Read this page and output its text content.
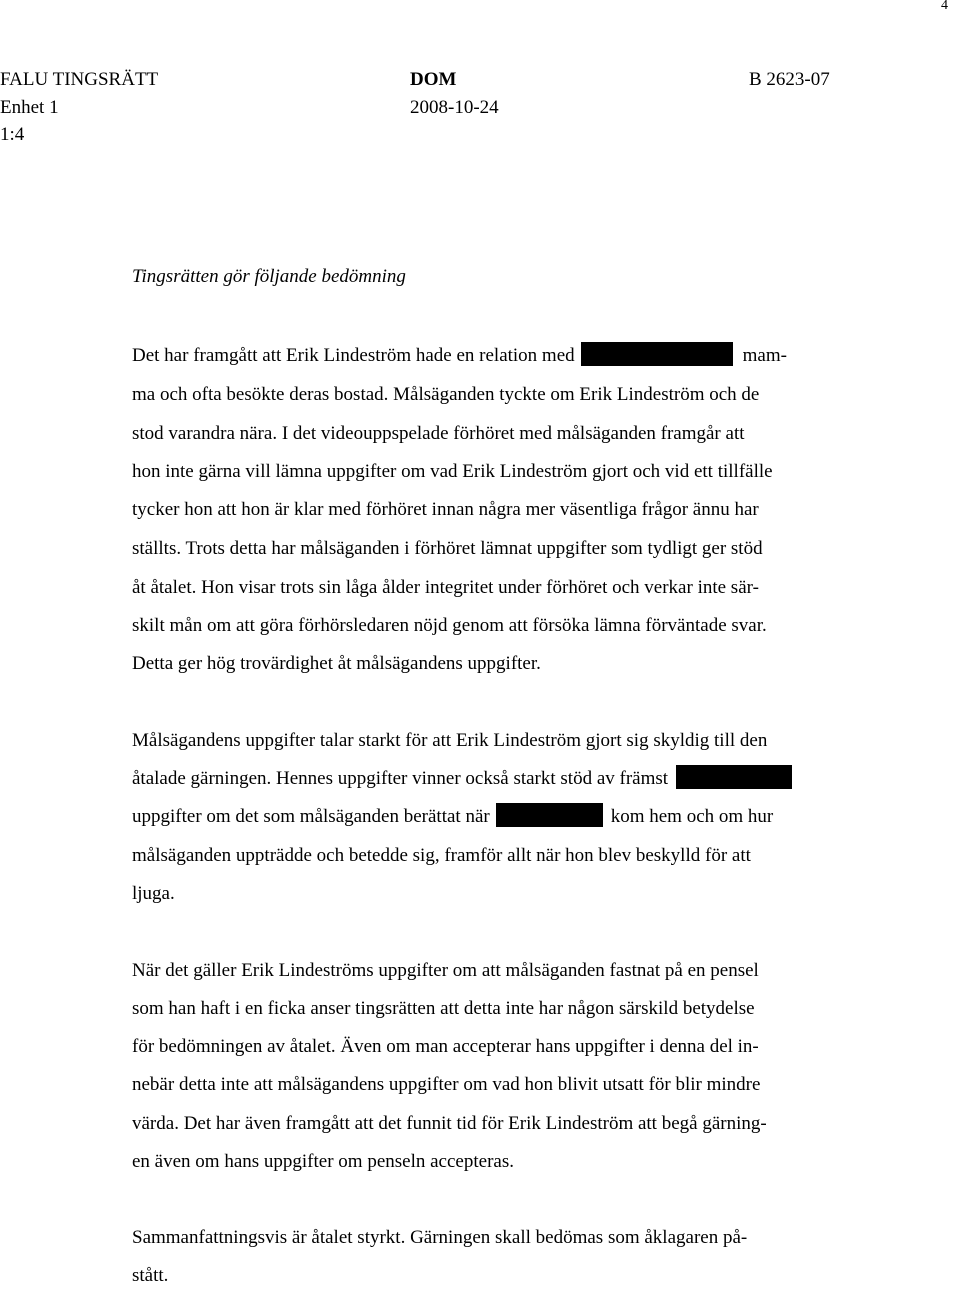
4
FALU TINGSRÄTT
Enhet 1
1:4
DOM
2008-10-24
B 2623-07
Tingsrätten gör följande bedömning
Det har framgått att Erik Lindeström hade en relation med	mam-
ma och ofta besökte deras bostad. Målsäganden tyckte om Erik Lindeström och de
stod varandra nära. I det videouppspelade förhöret med målsäganden framgår att
hon inte gärna vill lämna uppgifter om vad Erik Lindeström gjort och vid ett tillfälle
tycker hon att hon är klar med förhöret innan några mer väsentliga frågor ännu har
ställts. Trots detta har målsäganden i förhöret lämnat uppgifter som tydligt ger stöd
åt åtalet. Hon visar trots sin låga ålder integritet under förhöret och verkar inte sär-
skilt mån om att göra förhörsledaren nöjd genom att försöka lämna förväntade svar.
Detta ger hög trovärdighet åt målsägandens uppgifter.
Målsägandens uppgifter talar starkt för att Erik Lindeström gjort sig skyldig till den
åtalade gärningen. Hennes uppgifter vinner också starkt stöd av främst
uppgifter om det som målsäganden berättat när	kom hem och om hur
målsäganden uppträdde och betedde sig, framför allt när hon blev beskylld för att
ljuga.
När det gäller Erik Lindeströms uppgifter om att målsäganden fastnat på en pensel
som han haft i en ficka anser tingsrätten att detta inte har någon särskild betydelse
för bedömningen av åtalet. Även om man accepterar hans uppgifter i denna del in-
nebär detta inte att målsägandens uppgifter om vad hon blivit utsatt för blir mindre
värda. Det har även framgått att det funnit tid för Erik Lindeström att begå gärning-
en även om hans uppgifter om penseln accepteras.
Sammanfattningsvis är åtalet styrkt. Gärningen skall bedömas som åklagaren på-
stått.
